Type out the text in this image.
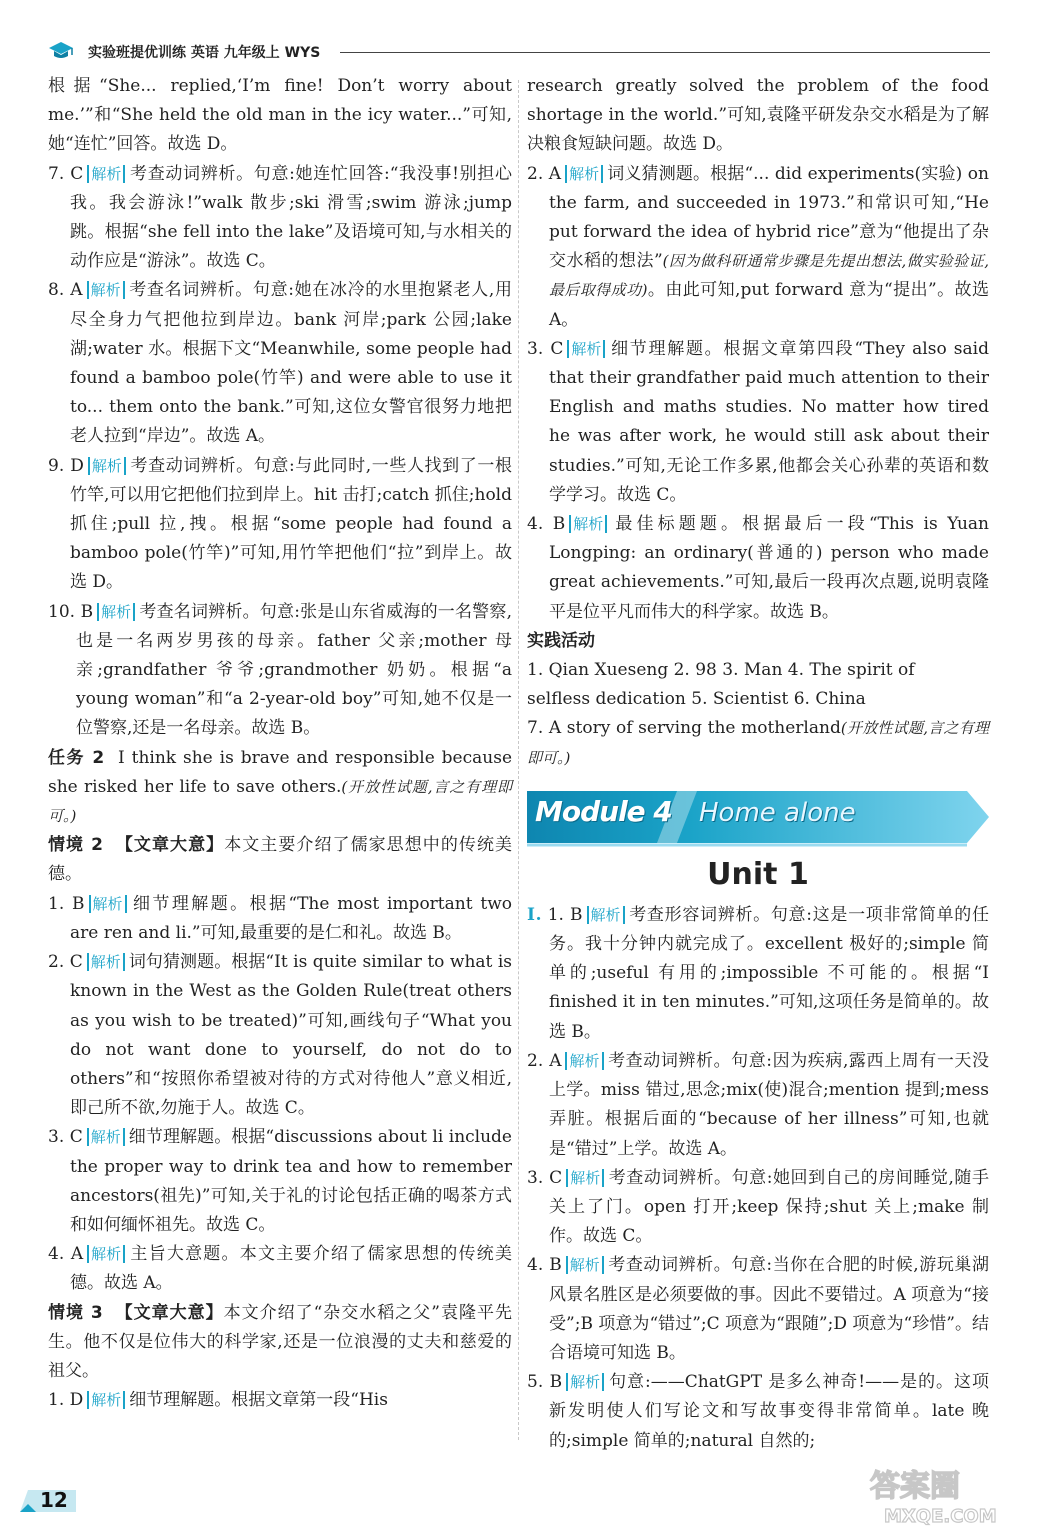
实验班提优训练 英语 九年级上 WYS

根据“She... replied,‘I’m fine! Don’t worry about me.’”和“She held the old man in the icy water...”可知,她“连忙”回答。故选 D。

7. C 解析 考查动词辨析。句意:她连忙回答:“我没事!别担心我。我会游泳!”walk 散步;ski 滑雪;swim 游泳;jump 跳。根据“she fell into the lake”及语境可知,与水相关的动作应是“游泳”。故选 C。

8. A 解析 考查名词辨析。句意:她在冰冷的水里抱紧老人,用尽全身力气把他拉到岸边。bank 河岸;park 公园;lake 湖;water 水。根据下文“Meanwhile, some people had found a bamboo pole(竹竿) and were able to use it to... them onto the bank.”可知,这位女警官很努力地把老人拉到“岸边”。故选 A。

9. D 解析 考查动词辨析。句意:与此同时,一些人找到了一根竹竿,可以用它把他们拉到岸上。hit 击打;catch 抓住;hold 抓住;pull 拉,拽。根据“some people had found a bamboo pole(竹竿)”可知,用竹竿把他们“拉”到岸上。故选 D。

10. B 解析 考查名词辨析。句意:张是山东省威海的一名警察,也是一名两岁男孩的母亲。father 父亲;mother 母亲;grandfather 爷爷;grandmother 奶奶。根据“a young woman”和“a 2-year-old boy”可知,她不仅是一位警察,还是一名母亲。故选 B。

任务 2 I think she is brave and responsible because she risked her life to save others.(开放性试题,言之有理即可。)

情境 2 【文章大意】本文主要介绍了儒家思想中的传统美德。

1. B 解析 细节理解题。根据“The most important two are ren and li.”可知,最重要的是仁和礼。故选 B。

2. C 解析 词句猜测题。根据“It is quite similar to what is known in the West as the Golden Rule(treat others as you wish to be treated)”可知,画线句子“What you do not want done to yourself, do not do to others”和“按照你希望被对待的方式对待他人”意义相近,即己所不欲,勿施于人。故选 C。

3. C 解析 细节理解题。根据“discussions about li include the proper way to drink tea and how to remember ancestors(祖先)”可知,关于礼的讨论包括正确的喝茶方式和如何缅怀祖先。故选 C。

4. A 解析 主旨大意题。本文主要介绍了儒家思想的传统美德。故选 A。

情境 3 【文章大意】本文介绍了“杂交水稻之父”袁隆平先生。他不仅是位伟大的科学家,还是一位浪漫的丈夫和慈爱的祖父。

1. D 解析 细节理解题。根据文章第一段“His

research greatly solved the problem of the food shortage in the world.”可知,袁隆平研发杂交水稻是为了解决粮食短缺问题。故选 D。

2. A 解析 词义猜测题。根据“... did experiments(实验) on the farm, and succeeded in 1973.”和常识可知,“He put forward the idea of hybrid rice”意为“他提出了杂交水稻的想法”(因为做科研通常步骤是先提出想法,做实验验证,最后取得成功)。由此可知,put forward 意为“提出”。故选 A。

3. C 解析 细节理解题。根据文章第四段“They also said that their grandfather paid much attention to their English and maths studies. No matter how tired he was after work, he would still ask about their studies.”可知,无论工作多累,他都会关心孙辈的英语和数学学习。故选 C。

4. B 解析 最佳标题题。根据最后一段“This is Yuan Longping: an ordinary(普通的) person who made great achievements.”可知,最后一段再次点题,说明袁隆平是位平凡而伟大的科学家。故选 B。

实践活动

1. Qian Xueseng 2. 98 3. Man 4. The spirit of

selfless dedication 5. Scientist 6. China

7. A story of serving the motherland(开放性试题,言之有理即可。)

Module 4 Home alone
Unit 1

Ⅰ. 1. B 解析 考查形容词辨析。句意:这是一项非常简单的任务。我十分钟内就完成了。excellent 极好的;simple 简单的;useful 有用的;impossible 不可能的。根据“I finished it in ten minutes.”可知,这项任务是简单的。故选 B。

2. A 解析 考查动词辨析。句意:因为疾病,露西上周有一天没上学。miss 错过,思念;mix(使)混合;mention 提到;mess 弄脏。根据后面的“because of her illness”可知,也就是“错过”上学。故选 A。

3. C 解析 考查动词辨析。句意:她回到自己的房间睡觉,随手关上了门。open 打开;keep 保持;shut 关上;make 制作。故选 C。

4. B 解析 考查动词辨析。句意:当你在合肥的时候,游玩巢湖风景名胜区是必须要做的事。因此不要错过。A 项意为“接受”;B 项意为“错过”;C 项意为“跟随”;D 项意为“珍惜”。结合语境可知选 B。

5. B 解析 句意:——ChatGPT 是多么神奇!——是的。这项新发明使人们写论文和写故事变得非常简单。late 晚的;simple 简单的;natural 自然的;

12	答案圈
MXQE.COM
